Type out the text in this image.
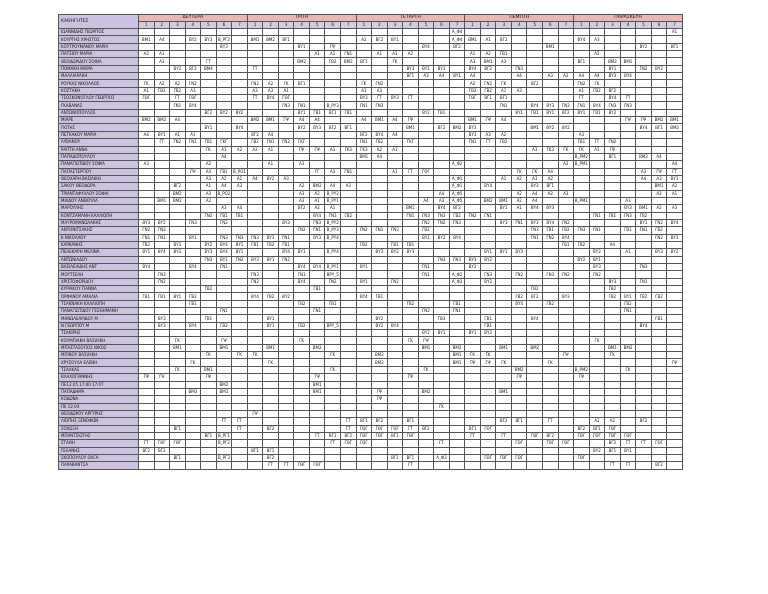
ΚΑΘΗΓΗΤΕΣ	ΔΕΥΤΕΡΑ							ΤΡΙΤΗ							ΤΕΤΑΡΤΗ							ΠΕΜΠΤΗ							ΠΑΡΑΣΚΕΥΗ						
	1	2	3	4	5	6	7	1	2	3	4	5	6	7	1	2	3	4	5	6	7	1	2	3	4	5	6	7	1	2	3	4	5	6	7
ΙΩΑΝΝΙΔΗΣ ΓΕΩΡΓΙΟΣ																					A_Φ4														A1
ΚΟΥΡΤΗΣ ΧΡΗΣΤΟΣ	ΒΜ1	Α4		ΒΥ2	ΒΥ3	Β_ΡΓ2		ΒΜ1	ΒΜ2	ΒΓ1					Α2	ΒΓ2	ΒΥ1				Α_Φ4	ΒΜ1	Α1	ΒΓ2					ΒΥ4	Α3					
ΚΟΥΤΡΟΥΜΑΝΟΥ ΜΑΡΙΑ						ΒΥ3					ΒΥ1		ΓΨ						ΒΥ4		ΒΓ2						ΒΜ1						ΒΥ2		ΒΓ1
ΠΑΤΣΙΟΥ ΜΑΡΙΑ	Α2	Α1										Α1	Α2	ΓΝ1		Α1	Α1	Α2				Α1	Α2	ΓΒ1						Α2					
ΘΕΟΔΩΡΙΔΟΥ ΣΟΦΙΑ		Α3			ΓΤ						ΒΜ2		ΓΒ2	ΒΜ2	ΒΓ1		ΓΚ					Α3	ΒΜ1	Α3					ΒΓ1		ΒΜ2	ΒΜ1			
ΠΟΜΑΚΗ ΜΑΡΙΑ			ΒΥ2	ΒΓ2	ΒΜ4			ΓΤ										ΒΥ3	ΒΥ1	ΒΥ3		ΒΥ4	ΒΓ2		ΓΝ3						ΒΥ1		ΓΝ2	ΒΥ2	
ΜΑΛΛΙΑΡΑΚΗ																		ΒΓ1	Α3	Α4	ΒΥ1	Α4			Α4		Α3	Α2	Α4	Α4	ΒΥ3	ΒΥ4			
ΡΟΥΚΑΣ ΝΙΚΟΛΑΟΣ	ΓΚ	Α2	Α2	ΓΝ2				ΓΝ2	Α2	ΓΚ	ΒΓ1				ΓΚ	ΓΝ2						Α2	ΓΝ2	ΓΚ		ΒΓ2			ΓΝ2	ΓΚ					
ΚΟΣΤΑΚΗ	Α1	ΓΒ2	ΓΒ2	Α3				Α3	Α3	Α1					Α3	Α3						ΓΒ2	ΓΒ2	Α1	Α3				Α1	ΓΒ2	ΒΓ2				
ΤΣΟΣΚΟΝΟΓΛΟΥ ΓΕΩΡΓΙΟΣ	ΓΘΓ		ΓΤ	ΓΘΓ				ΓΤ	ΒΥ4	ΓΘΓ					ΒΥ3	ΓΤ	ΒΥ3	ΓΤ				ΓΘΓ	ΒΓ1	ΒΓ1					ΓΤ		ΒΥ4	ΓΤ			
ΓΚΑΒΑΝΑΣ			ΓΝ1	ΒΥ4						ΓΝ3	ΓΝ1		Β_ΡΥ3		ΓΝ1	ΓΝ3								ΓΝ1		ΒΥ4	ΒΥ3	ΓΝ3	ΓΝ1	ΒΥ4	ΓΝ3	ΓΝ3			
ΑΝΤΩΝΟΠΟΥΛΟΣ					ΒΓ2	ΒΥ2	ΒΥ2				ΒΥ1	ΓΒ1	ΒΓ1	ΓΒ1					ΒΥ2	ΓΒ1					ΒΥ1	ΓΒ1	ΒΥ1	ΒΓ2	ΒΥ1	ΓΒ1	ΒΥ2				
ΜΙΑΡΕ	ΒΜ2	ΒΜ2	Α4					ΒΜ2	ΒΜ1	ΓΨ	Α4	Α4			Α4	ΒΜ1	Α4	ΓΨ				ΒΜ1	ΓΨ	Α4								ΓΨ	ΓΨ	ΒΜ2	ΒΜ1
ΓΚΙΤΗΣ					ΒΥ1		ΒΥ4				ΒΥ2	ΒΥ3	ΒΓ2	ΒΓ1				ΒΜ1		ΒΓ2	ΒΜ2	ΒΥ3				ΒΜ1	ΒΥ2	ΒΥ2					ΒΥ4	ΒΓ1	ΒΜ2
ΠΕΤΚΑΚΟΥ ΜΑΡΙΑ	Α4	ΒΥ1	Α1	Α1				ΒΓ2	Α4						ΒΓ2	ΒΥ4	Α4					ΒΥ3	Α3	Α2					Α3						
ΛΥΒΑΝΟΥ		ΓΤ	ΓΝ2	ΓΝ1	ΓΒ1	ΓΚΓ		ΓΒ2	ΓΝ1	ΓΝ2	ΓΚΓ				ΓΝ1	ΓΒ2		ΓΚΓ				ΓΝ1	ΓΤ	ΓΒ2					ΓΒ1	ΓΤ	ΓΝ2				
ΡΑΠΤΗ ΑΝΝΑ					ΓΚ	Α1	Α2	Α2	Α1		ΓΨ	ΓΨ	Α3	ΓΚ3	ΓΚ3	Α2	Α3									Α3	ΓΚ3	ΓΚ	ΓΚ	Α1	ΓΨ				
ΠΑΠΑΔΟΠΟΥΛΟΥ						Α4									ΒΜ1	Α4													Β_ΡΜ2		ΒΓ1		ΒΜ2	Α4	
ΠΑΝΑΓΙΩΤΙΔΟΥ ΣΟΦΙΑ	Α3				Α2				Α1		Α3										Α_Φ2							Α2	Β_ΡΜ1						Α4
ΠΑΠΑΣΤΕΡΓΙΟΥ				ΓΨ	Α4	ΓΒ1	Β_ΡΟ1					ΓΓ	Α3	ΓΝ1			Α1	ΓΤ	ΓΘΓ						ΓΚ	ΓΚ	Α4						Α3	ΓΨ	ΓΤ
ΘΕΟΧΑΡΗ ΒΑΣΙΛΙΚΗ					Α3	Α2	Α1	Α4	ΒΥ2	Α3											Α_Φ1			Α1	Α2	Α3	Α2						Α4	Α3	ΒΥ1
ΣΑΚΟΥ ΘΕΟΔΩΡΑ			ΒΓ2		Α1	Α4	Α3				Α2	ΒΜ2	Α4	Α3							Α_Φ1		ΒΥ4			ΒΥ3	ΒΓ1							ΒΜ1	Α2
ΤΡΙΑΝΤΑΦΥΛΛΟΥ ΣΟΦΙΑ			ΒΜ2		Α3	Β_ΡΟ2					Α3	Α2	Β_ΡΥ2							Α4	Α_Φ5				Α2	Α4	Α2	Α3						Α2	Α1
ΜΑΙΔΟΥ ΑΝΘΟΥΛΑ		ΒΜ1	ΒΜ2		Α2						Α3	Α1	Β_ΡΥ1						Α4	Α3	Α_Φ5		ΒΜ2	ΒΜ1	Α2	Α4			Β_ΡΜ1			Α3			
ΜΑΡΟΥΛΗΣ						Α3	Α4				ΒΓ2	Α2	Α1					ΒΜ2		ΒΥ4	ΒΓ2			ΒΥ1	Α1	ΒΥ4	ΒΥ3					ΒΥ3	ΒΜ1	Α2	Α3
ΚΟΝΤΖΑΜΑΝΗ ΚΑΛΛΙΟΠΗ					ΓΝ2	ΓΒ1	ΓΒ1					ΒΥ4	ΓΝ3	ΓΒ2				ΓΝ1	ΓΝ3	ΓΝ3	ΓΒ2	ΓΝ2	ΓΝ1							ΓΝ1	ΓΒ1	ΓΝ3	ΓΒ2		
ΜΑΥΡΟΜΑΝΩΛΑΚΗΣ	ΒΥ3	ΒΥ2		ΓΝ3		ΓΝ2				ΒΥ3		ΓΝ3	Β_ΡΥ2						ΓΝ2	ΓΝ2	ΓΝ3			ΒΥ3	ΓΝ1	ΒΥ3	ΒΥ4	ΓΝ2					ΒΥ1	ΓΝ2	ΒΥ4
ΑΝΤΟΝΙΤΣΑΚΗΣ	ΓΝ2	ΓΝ3									ΓΝ2	ΓΝ1	Β_ΡΥ3		ΓΝ2	ΓΝ1	ΓΝ3		ΓΒ2							ΓΝ3	ΓΒ1	ΓΒ2	ΓΝ3	ΓΝ1		ΓΒ1	ΓΝ1	ΓΒ2	
Κ ΝΙΚΟΛΑΟΥ	ΓΝ1	ΓΝ1		ΒΥ1		ΓΝ3	ΓΝ3	ΓΝ3	ΒΥ3	ΓΝ1		ΒΥ3	Β_ΡΥ4						ΒΥ1	ΒΥ2	ΒΥ4					ΓΝ1	ΓΝ2	ΒΥ4						ΓΝ2	ΒΥ3
ΚΑΡΚΑΝΗΣ	ΓΒ2		ΒΥ3		ΒΥ2	ΒΥ4	ΒΥ1	ΓΒ1	ΓΒ2	ΓΒ1					ΓΒ2		ΓΒ1	ΓΒ1										ΓΒ1	ΓΒ2		Α4				
ΠΕΛΕΚΑΡΗ ΜΕΛΙΝΑ	ΒΥ1	ΒΥ4	ΒΥ3		ΒΥ3	ΒΥ4	ΒΥ1			ΒΥ4	ΒΥ3		Β_ΡΥ4			ΒΥ3	ΒΥ2	ΒΥ3					ΒΥ1	ΒΥ1	ΒΥ3					ΒΥ2		Α1		ΒΥ3	ΒΥ2
ΑΝΤΩΝΙΑΔΟΥ					ΓΝ3	ΒΥ1	ΓΝ2	ΒΥ3	ΒΥ1	ΓΝ2										ΓΝ3	ΓΝ3	ΒΥ3	ΒΥ2						ΒΥ2	ΒΥ1					
ΒΑΣΙΛΕΙΑΔΗΣ ΑΝΤ	ΒΥ4			ΒΥ4		ΓΝ1					ΒΥ4	ΒΥ4	Β_ΡΥ1		ΒΥ1				ΓΝ1			ΒΥ2								ΒΥ3			ΓΝ3		
ΜΟΥΤΣΕΛΗ		ΓΝ3						ΓΝ3			ΓΝ3		ΒΡΥ_5						ΓΝ1		Α_Φ2		ΓΝ3		ΓΝ2		ΓΝ3	ΓΝ2		ΓΝ2					
ΧΡΙΣΤΟΦΟΡΙΔΟΥ		ΓΝ2						ΓΝ2			ΒΥ4		ΓΝ2		ΒΥ1		ΓΝ2				Α_Φ3		ΒΥ2								ΒΥ3		ΓΝ1		
ΚΥΡΙΑΚΟΥ ΓΙΑΝΝΑ					ΓΒ2							ΓΒ1														ΓΒ2					ΓΒ2				
ΟΡΦΑΝΟΥ ΑΜΑΛΙΑ	ΓΒ1	ΓΒ1	ΒΥ1	ΓΒ2				ΒΥ4	ΓΒ2	ΒΥ2					ΒΥ4	ΓΒ1									ΓΒ2	ΒΓ2		ΒΥ3			ΓΒ2	ΒΥ1	ΓΒ2	ΓΒ2	
ΤΣΑΚΝΑΚΗ ΚΑΛΛΙΟΠΗ				ΓΒ1							ΓΒ2		ΓΒ1					ΓΒ2			ΓΒ1				ΒΥ4		ΓΒ2					ΓΒ2			
ΠΑΝΑΓΙΩΤΙΔΟΥ ΓΕΣΘΗΜΑΝΗ						ΓΝ1						ΓΝ1							ΓΝ2		ΓΝ1											ΓΝ1			
ΜΑΝΩΛΕΑΡΙΔΟΥ Μ		ΒΥ3			ΓΒ1				ΒΥ1							ΒΥ2				ΓΒ3			ΓΒ1			ΒΥ4								ΓΒ1	
Ν ΓΕΩΡΓΙΟΥ Μ		ΒΥ3		ΒΥ4		ΓΒ2			ΒΥ1		ΓΒ2		ΒΡΥ_5			ΒΥ2	ΒΥ4						ΓΒ1										ΒΥ4		
ΤΣΑΚΙΡΗΣ																			ΒΥ2	ΒΥ1		ΒΥ1	ΒΥ2												
ΚΟΥΜΠΙΑΚΗ ΒΑΣΙΛΙΚΗ			ΓΚ			ΓΨ					ΓΚ							ΓΚ	ΓΨ											ΓΚ					
ΜΠΑΣΤΑΣΟΓΙΟΣ ΝΙΚΟΣ			ΒΜ1			ΒΜ1			ΒΜ1			ΒΜ2							ΒΜ1		ΒΜ2			ΒΜ1		ΒΜ2					ΒΜ1	ΒΜ2			
ΜΠΙΝΟΥ ΒΑΣΙΛΙΚΗ					ΓΚ		ΓΚ	ΓΚ					ΓΚ			ΒΜ2					ΒΜ1	ΓΚ	ΓΚ					ΓΨ			ΓΚ				
ΧΡΥΣΟΥΛΑ ΕΛΕΝΗ				ΓΚ					ΓΚ							ΒΜ2					ΒΜ1	ΓΨ	ΓΨ	ΓΚ			ΓΚ								ΓΨ
ΤΣΑΛΚΑΣ			ΓΚ		ΒΜ1								ΓΚ						ΓΚ						ΒΜ2				Β_ΡΜ2			ΓΚ			
ΒΛΑΧΟΓΙΑΝΝΗΣ	ΓΨ	ΓΨ			ΓΨ							ΓΨ						ΓΨ							ΓΨ				ΓΨ						
ΠΕ12.05 17:00 17:07						ΒΜ2						ΒΜ1																							
ΠΑΠΑΔΗΜΑ				ΒΜ3		ΒΜ3						ΒΜ1				ΓΨ			ΒΜ2					ΒΜ1											
ΚΟΔΩΝΑ																ΓΨ																			
ΠΕ 12.04																				ΓΚ															
ΘΕΟΔΩΡΟΥ ΑΡΓΥΡΗΣ								ΓΨ																											
ΛΙΟΠΗΣ ΞΕΝΟΦΩΝ						ΓΤ	ΓΤ							ΓΤ	ΒΓ1	ΒΓ2		ΒΓ1						ΒΓ2	ΒΓ1		ΓΤ			Α2	Α2		ΒΓ2		
ΣΟΧΩΞΗ			ΒΓ1				ΓΤ		ΒΓ2					ΓΤ	ΓΘΓ	ΓΘΓ	ΓΘΓ	ΓΤ	ΒΓ2			ΒΓ1	ΓΘΓ						ΒΓ2	ΒΓ1	ΓΘΓ				
ΜΠΑΝΤΣΙΩΤΗΣ					ΒΓ1	Β_ΡΓ1						ΓΤ	ΒΓ1	ΒΓ2	ΓΘΓ	ΓΘΓ	ΒΓ1	ΓΘΓ				ΓΤ		ΓΤ		ΓΘΓ	ΒΓ2		ΓΘΓ	ΓΘΓ	ΓΘΓ	ΓΘΓ			
ΣΤΑΘΗ	ΓΤ	ΓΘΓ	ΓΘΓ			Β_ΡΓ2							ΓΤ	ΓΘΓ	ΓΘΓ					ΓΤ					ΓΘΓ		ΓΘΓ	ΓΘΓ			ΒΓ2	ΓΤ	ΓΤ	ΓΘΓ	
ΓΕΛΑΝΗΣ	ΒΓ2	ΒΓ2						ΒΓ1	ΒΓ1																					ΒΥ2	ΒΓ1	ΒΥ1			
ΣΚΟΠΟΥΛΟΥ ΟΛΓΑ			ΒΓ1			Β_ΡΓ3			ΒΓ2								ΒΓ1	ΒΓ1		Α_Φ3			ΓΘΓ	ΓΘΓ	ΓΘΓ				ΓΘΓ						
ΠΑΡΑΒΑΝΤΣΑ									ΓΤ	ΓΤ	ΓΘΓ	ΓΘΓ						ΓΤ													ΓΤ	ΓΤ		ΒΓ2	
